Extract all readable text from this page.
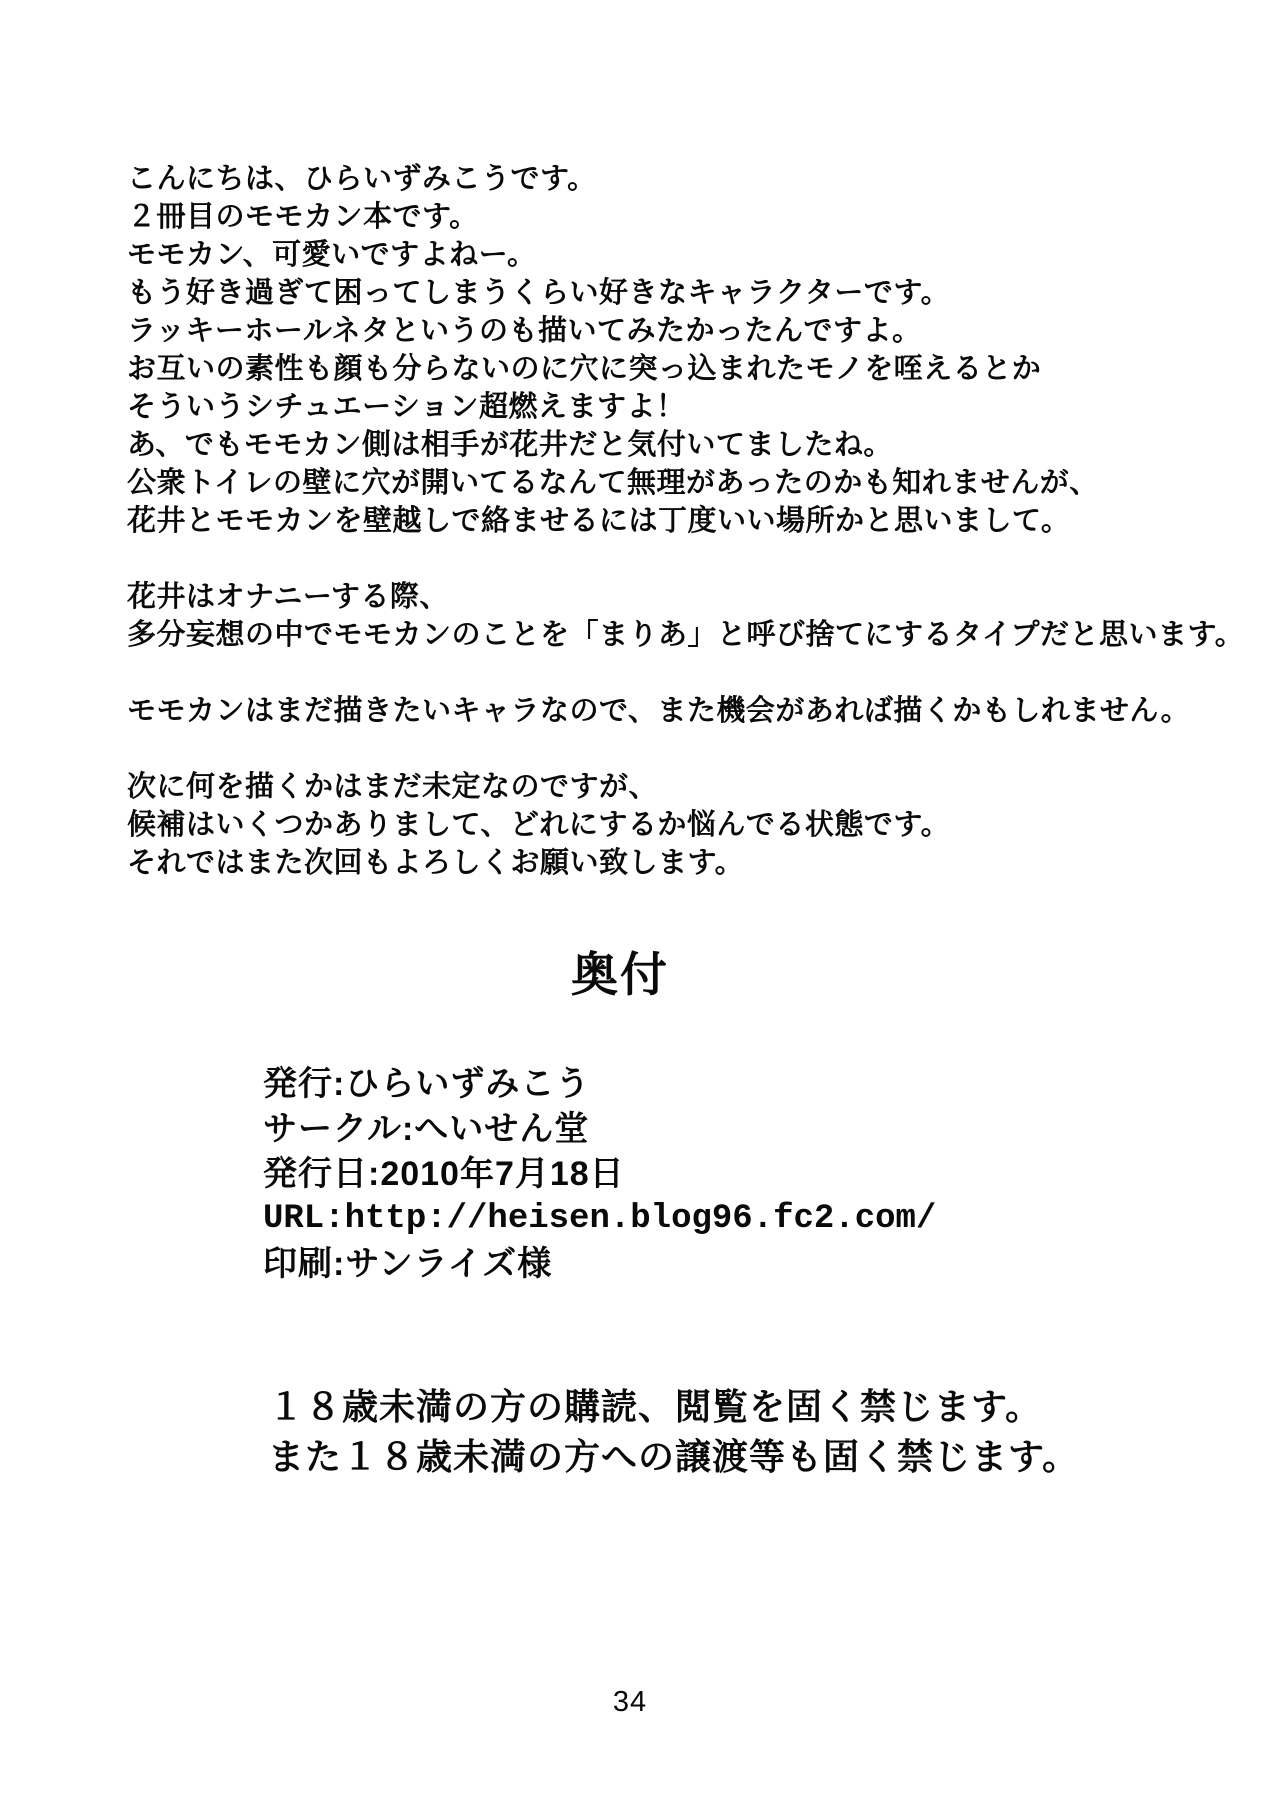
こんにちは、ひらいずみこうです。
２冊目のモモカン本です。
モモカン、可愛いですよねー。
もう好き過ぎて困ってしまうくらい好きなキャラクターです。
ラッキーホールネタというのも描いてみたかったんですよ。
お互いの素性も顔も分らないのに穴に突っ込まれたモノを咥えるとか
そういうシチュエーション超燃えますよ！
あ、でもモモカン側は相手が花井だと気付いてましたね。
公衆トイレの壁に穴が開いてるなんて無理があったのかも知れませんが、
花井とモモカンを壁越しで絡ませるには丁度いい場所かと思いまして。
花井はオナニーする際、
多分妄想の中でモモカンのことを「まりあ」と呼び捨てにするタイプだと思います。
モモカンはまだ描きたいキャラなので、また機会があれば描くかもしれません。
次に何を描くかはまだ未定なのですが、
候補はいくつかありまして、どれにするか悩んでる状態です。
それではまた次回もよろしくお願い致します。
奥付
発行:ひらいずみこう
サークル:へいせん堂
発行日:2010年7月18日
URL:http://heisen.blog96.fc2.com/
印刷:サンライズ様
１８歳未満の方の購読、閲覧を固く禁じます。
また１８歳未満の方への譲渡等も固く禁じます。
34
